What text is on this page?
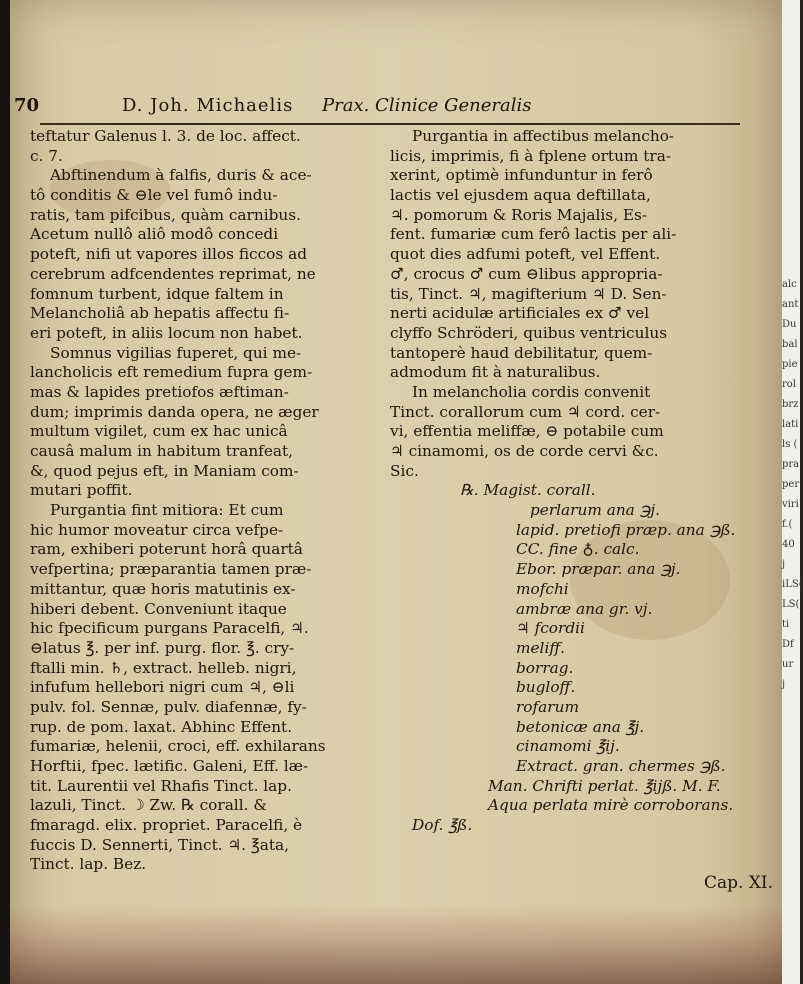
70	D. Joh. Michaelis Prax. Clinice Generalis
teftatur Galenus l. 3. de loc. affect.
c. 7.
Abftinendum à falfis, duris & ace-
tô conditis & ⊖le vel fumô indu-
ratis, tam pifcibus, quàm carnibus.
Acetum nullô aliô modô concedi
poteft, nifi ut vapores illos ficcos ad
cerebrum adfcendentes reprimat, ne
fomnum turbent, idque faltem in
Melancholiâ ab hepatis affectu fi-
eri poteft, in aliis locum non habet.
Somnus vigilias fuperet, qui me-
lancholicis eft remedium fupra gem-
mas & lapides pretiofos æftiman-
dum; imprimis danda opera, ne æger
multum vigilet, cum ex hac unicâ
causâ malum in habitum tranfeat,
&, quod pejus eft, in Maniam com-
mutari poffit.
Purgantia fint mitiora: Et cum
hic humor moveatur circa vefpe-
ram, exhiberi poterunt horâ quartâ
vefpertina; præparantia tamen præ-
mittantur, quæ horis matutinis ex-
hiberi debent. Conveniunt itaque
hic fpecificum purgans Paracelfi, ♃.
⊖latus ℥. per inf. purg. flor. ℥. cry-
ftalli min. ♄, extract. helleb. nigri,
infufum hellebori nigri cum ♃, ⊖li
pulv. fol. Sennæ, pulv. diafennæ, fy-
rup. de pom. laxat. Abhinc Effent.
fumariæ, helenii, croci, eff. exhilarans
Horftii, fpec. lætific. Galeni, Eff. læ-
tit. Laurentii vel Rhafis Tinct. lap.
lazuli, Tinct. ☽ Zw. ℞ corall. &
fmaragd. elix. propriet. Paracelfi, è
fuccis D. Sennerti, Tinct. ♃. ℥ata,
Tinct. lap. Bez.
Purgantia in affectibus melancho-
licis, imprimis, fi à fplene ortum tra-
xerint, optimè infunduntur in ferô
lactis vel ejusdem aqua deftillata,
♃. pomorum & Roris Majalis, Es-
fent. fumariæ cum ferô lactis per ali-
quot dies adfumi poteft, vel Effent.
♂, crocus ♂ cum ⊖libus appropria-
tis, Tinct. ♃, magifterium ♃ D. Sen-
nerti acidulæ artificiales ex ♂ vel
clyffo Schröderi, quibus ventriculus
tantoperè haud debilitatur, quem-
admodum fit à naturalibus.
In melancholia cordis convenit
Tinct. corallorum cum ♃ cord. cer-
vi, effentia meliffæ, ⊖ potabile cum
♃ cinamomi, os de corde cervi &c.
Sic.
℞. Magist. corall.
perlarum ana ℈j.
lapid. pretiofi præp. ana ℈ß.
CC. fine ♁. calc.
Ebor. præpar. ana ℈j.
mofchi
ambræ ana gr. vj.
♃ fcordii
meliff.
borrag.
bugloff.
rofarum
betonicæ ana ℥j.
cinamomi ℥ij.
Extract. gran. chermes ℈ß.
Man. Chrifti perlat. ℥ijß. M. F.
Aqua perlata mirè corroborans.
Dof. ℥ß.
Cap. XI.
alc
ant
Du
bal
pie
rol
brz
lati
ls (
pra
per
viri
f.(
40
j
iLS(
LS(
ti
Df
ur
j
